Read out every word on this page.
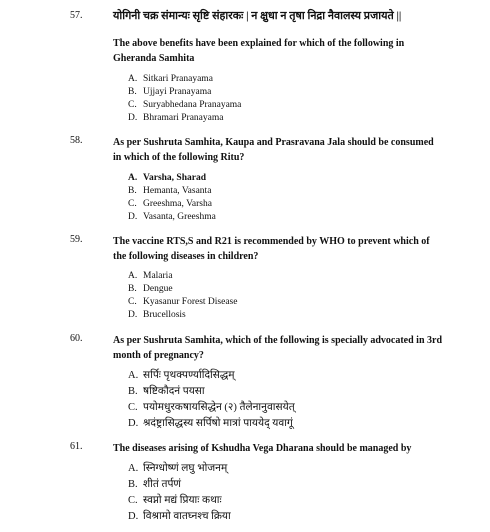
57.	योगिनी चक्र संमान्यः सृष्टि संहारकः | न क्षुधा न तृषा निद्रा नैवालस्य प्रजायते ||
The above benefits have been explained for which of the following in Gheranda Samhita
A. Sitkari Pranayama
B. Ujjayi Pranayama
C. Suryabhedana Pranayama
D. Bhramari Pranayama
58.	As per Sushruta Samhita, Kaupa and Prasravana Jala should be consumed in which of the following Ritu?
A. Varsha, Sharad
B. Hemanta, Vasanta
C. Greeshma, Varsha
D. Vasanta, Greeshma
59.	The vaccine RTS,S and R21 is recommended by WHO to prevent which of the following diseases in children?
A. Malaria
B. Dengue
C. Kyasanur Forest Disease
D. Brucellosis
60.	As per Sushruta Samhita, which of the following is specially advocated in 3rd month of pregnancy?
A. सर्पिः पृथक्पर्ण्यादिसिद्धम्
B. षष्टिकौदनं पयसा
C. पयोमधुरकषायसिद्धेन (२) तैलेनानुवासयेत्
D. श्रदंष्ट्रासिद्धस्य सर्पिषो मात्रां पाययेद् यवागूं
61.	The diseases arising of Kshudha Vega Dharana should be managed by
A. स्निग्धोष्णं लघु भोजनम्
B. शीतं तर्पणं
C. स्वप्नो मद्यं प्रियाः कथाः
D. विश्रामो वातघ्नश्च क्रिया
